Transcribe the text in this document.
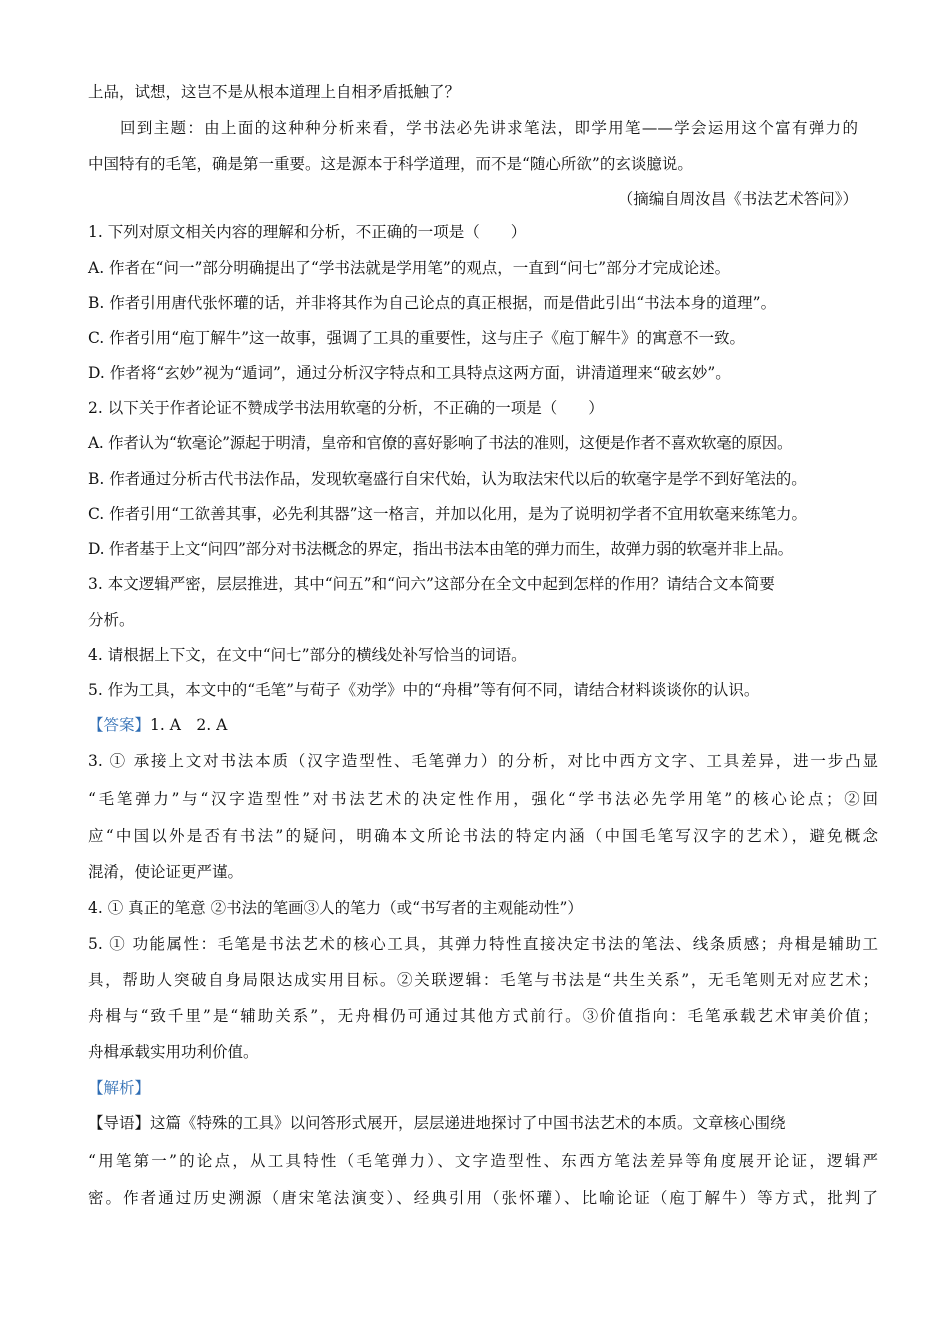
上品，试想，这岂不是从根本道理上自相矛盾抵触了？
回到主题：由上面的这种种分析来看，学书法必先讲求笔法，即学用笔——学会运用这个富有弹力的
中国特有的毛笔，确是第一重要。这是源本于科学道理，而不是“随心所欲”的玄谈臆说。
（摘编自周汝昌《书法艺术答问》）
1. 下列对原文相关内容的理解和分析，不正确的一项是（　　）
A. 作者在“问一”部分明确提出了“学书法就是学用笔”的观点，一直到“问七”部分才完成论述。
B. 作者引用唐代张怀瓘的话，并非将其作为自己论点的真正根据，而是借此引出“书法本身的道理”。
C. 作者引用“庖丁解牛”这一故事，强调了工具的重要性，这与庄子《庖丁解牛》的寓意不一致。
D. 作者将“玄妙”视为“遁词”，通过分析汉字特点和工具特点这两方面，讲清道理来“破玄妙”。
2. 以下关于作者论证不赞成学书法用软毫的分析，不正确的一项是（　　）
A. 作者认为“软毫论”源起于明清，皇帝和官僚的喜好影响了书法的准则，这便是作者不喜欢软毫的原因。
B. 作者通过分析古代书法作品，发现软毫盛行自宋代始，认为取法宋代以后的软毫字是学不到好笔法的。
C. 作者引用“工欲善其事，必先利其器”这一格言，并加以化用，是为了说明初学者不宜用软毫来练笔力。
D. 作者基于上文“问四”部分对书法概念的界定，指出书法本由笔的弹力而生，故弹力弱的软毫并非上品。
3. 本文逻辑严密，层层推进，其中“问五”和“问六”这部分在全文中起到怎样的作用？请结合文本简要
分析。
4. 请根据上下文，在文中“问七”部分的横线处补写恰当的词语。
5. 作为工具，本文中的“毛笔”与荀子《劝学》中的“舟楫”等有何不同，请结合材料谈谈你的认识。
【答案】1. A　2. A
3. ① 承接上文对书法本质（汉字造型性、毛笔弹力）的分析，对比中西方文字、工具差异，进一步凸显
“毛笔弹力”与“汉字造型性”对书法艺术的决定性作用，强化“学书法必先学用笔”的核心论点；②回
应“中国以外是否有书法”的疑问，明确本文所论书法的特定内涵（中国毛笔写汉字的艺术），避免概念
混淆，使论证更严谨。
4. ① 真正的笔意 ②书法的笔画③人的笔力（或“书写者的主观能动性”）
5. ① 功能属性：毛笔是书法艺术的核心工具，其弹力特性直接决定书法的笔法、线条质感；舟楫是辅助工
具，帮助人突破自身局限达成实用目标。②关联逻辑：毛笔与书法是“共生关系”，无毛笔则无对应艺术；
舟楫与“致千里”是“辅助关系”，无舟楫仍可通过其他方式前行。③价值指向：毛笔承载艺术审美价值；
舟楫承载实用功利价值。
【解析】
【导语】这篇《特殊的工具》以问答形式展开，层层递进地探讨了中国书法艺术的本质。文章核心围绕
“用笔第一”的论点，从工具特性（毛笔弹力）、文字造型性、东西方笔法差异等角度展开论证，逻辑严
密。作者通过历史溯源（唐宋笔法演变）、经典引用（张怀瓘）、比喻论证（庖丁解牛）等方式，批判了
